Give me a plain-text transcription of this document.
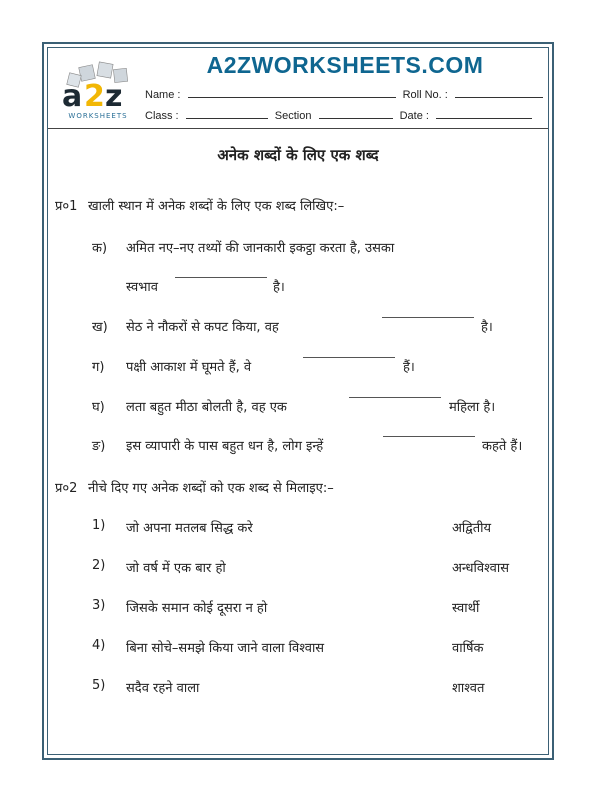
a 2 z
WORKSHEETS
A2ZWORKSHEETS.COM
Name :	Roll No. :
Class :	Section	Date :
अनेक शब्दों के लिए एक शब्द
प्र०1 खाली स्थान में अनेक शब्दों के लिए एक शब्द लिखिए:–
क) अमित नए–नए तथ्यों की जानकारी इकट्ठा करता है, उसका
स्वभाव	है।
ख) सेठ ने नौकरों से कपट किया, वह	है।
ग) पक्षी आकाश में घूमते हैं, वे	हैं।
घ) लता बहुत मीठा बोलती है, वह एक	महिला है।
ङ) इस व्यापारी के पास बहुत धन है, लोग इन्हें	कहते हैं।
प्र०2 नीचे दिए गए अनेक शब्दों को एक शब्द से मिलाइए:–
1) जो अपना मतलब सिद्ध करे	अद्वितीय
2) जो वर्ष में एक बार हो	अन्धविश्वास
3) जिसके समान कोई दूसरा न हो	स्वार्थी
4) बिना सोचे–समझे किया जाने वाला विश्वास	वार्षिक
5) सदैव रहने वाला	शाश्वत
